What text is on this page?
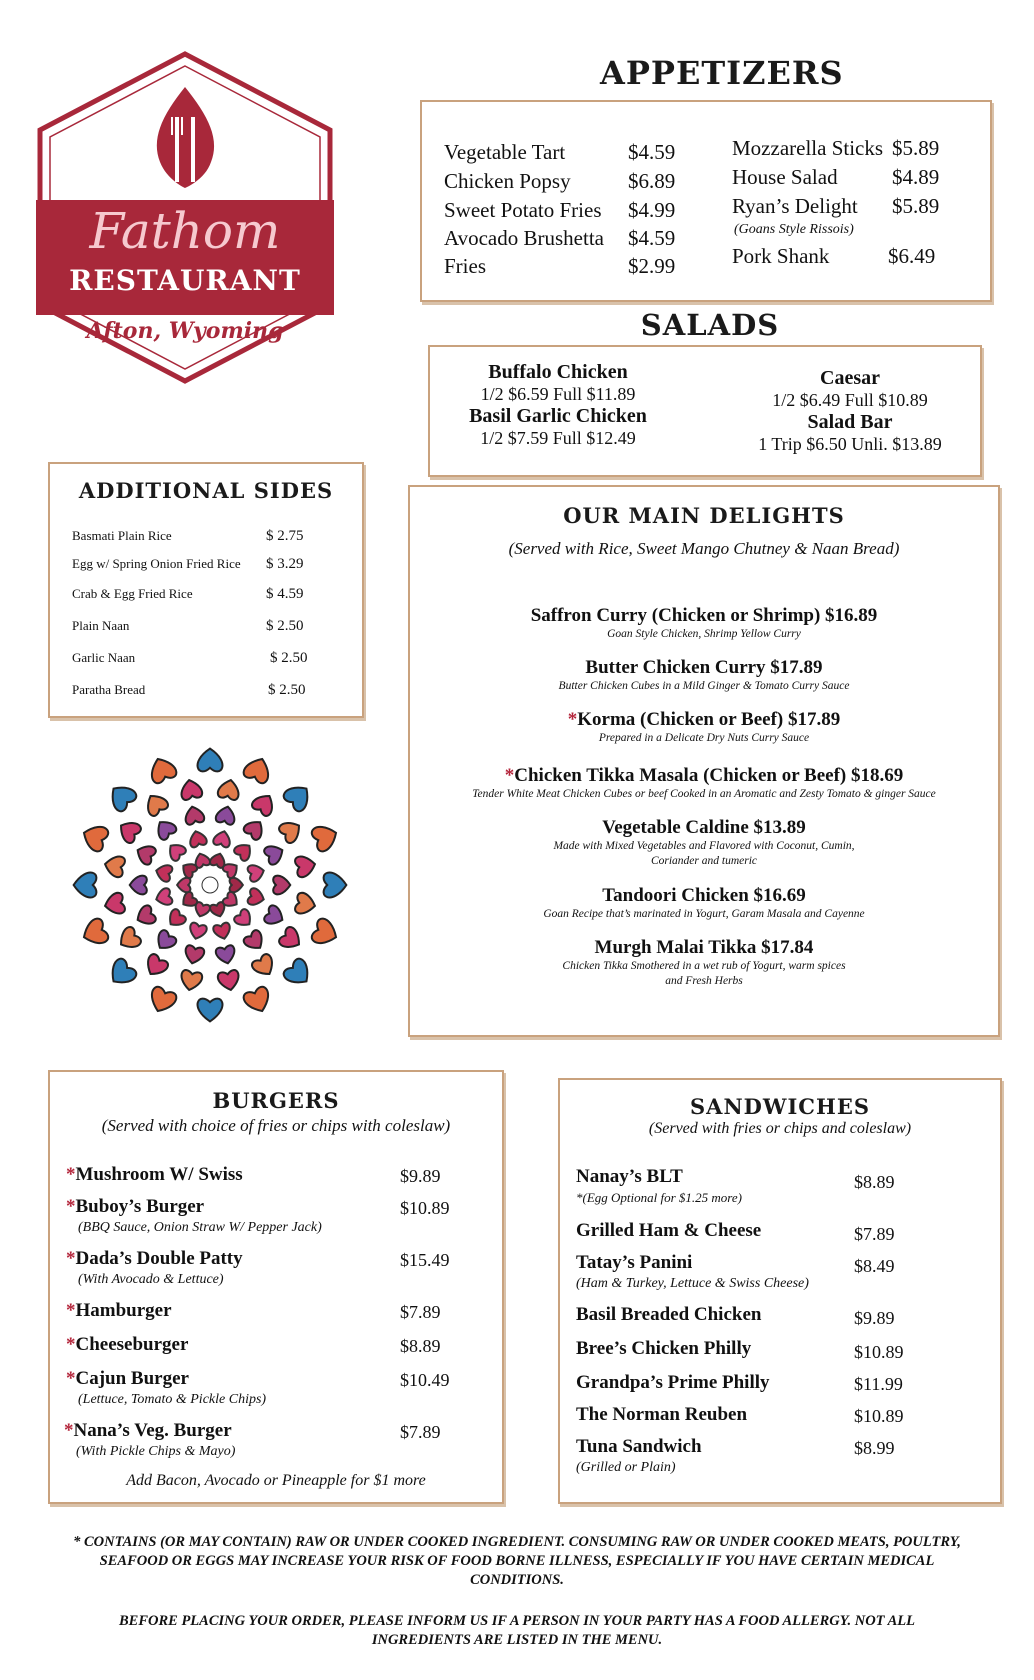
Fathom
RESTAURANT
Afton, Wyoming
APPETIZERS
Vegetable Tart	$4.59
Chicken Popsy	$6.89
Sweet Potato Fries $4.99
Avocado Brushetta $4.59
Fries	$2.99
Mozzarella Sticks $5.89
House Salad	$4.89
Ryan’s Delight $5.89
(Goans Style Rissois)
Pork Shank	$6.49
SALADS
Buffalo Chicken
1/2 $6.59 Full $11.89
Basil Garlic Chicken
1/2 $7.59 Full $12.49
Caesar
1/2 $6.49 Full $10.89
Salad Bar
1 Trip $6.50 Unli. $13.89
ADDITIONAL SIDES
Basmati Plain Rice	$ 2.75
Egg w/ Spring Onion Fried Rice $ 3.29
Crab & Egg Fried Rice	$ 4.59
Plain Naan	$ 2.50
Garlic Naan	$ 2.50
Paratha Bread	$ 2.50
OUR MAIN DELIGHTS
(Served with Rice, Sweet Mango Chutney & Naan Bread)
Saffron Curry (Chicken or Shrimp) $16.89
Goan Style Chicken, Shrimp Yellow Curry
Butter Chicken Curry $17.89
Butter Chicken Cubes in a Mild Ginger & Tomato Curry Sauce
*Korma (Chicken or Beef) $17.89
Prepared in a Delicate Dry Nuts Curry Sauce
*Chicken Tikka Masala (Chicken or Beef) $18.69
Tender White Meat Chicken Cubes or beef Cooked in an Aromatic and Zesty Tomato & ginger Sauce
Vegetable Caldine $13.89
Made with Mixed Vegetables and Flavored with Coconut, Cumin,
Coriander and tumeric
Tandoori Chicken $16.69
Goan Recipe that’s marinated in Yogurt, Garam Masala and Cayenne
Murgh Malai Tikka $17.84
Chicken Tikka Smothered in a wet rub of Yogurt, warm spices
and Fresh Herbs
BURGERS
(Served with choice of fries or chips with coleslaw)
*Mushroom W/ Swiss	$9.89
*Buboy’s Burger
(BBQ Sauce, Onion Straw W/ Pepper Jack)
$10.89
*Dada’s Double Patty
(With Avocado & Lettuce)
$15.49
*Hamburger	$7.89
*Cheeseburger	$8.89
*Cajun Burger
(Lettuce, Tomato & Pickle Chips)
$10.49
*Nana’s Veg. Burger
(With Pickle Chips & Mayo)
$7.89
Add Bacon, Avocado or Pineapple for $1 more
SANDWICHES
(Served with fries or chips and coleslaw)
Nanay’s BLT
*(Egg Optional for $1.25 more)
$8.89
Grilled Ham & Cheese	$7.89
Tatay’s Panini
(Ham & Turkey, Lettuce & Swiss Cheese)
$8.49
Basil Breaded Chicken	$9.89
Bree’s Chicken Philly	$10.89
Grandpa’s Prime Philly	$11.99
The Norman Reuben	$10.89
Tuna Sandwich
(Grilled or Plain)
$8.99
* CONTAINS (OR MAY CONTAIN) RAW OR UNDER COOKED INGREDIENT. CONSUMING RAW OR UNDER COOKED MEATS, POULTRY, SEAFOOD OR EGGS MAY INCREASE YOUR RISK OF FOOD BORNE ILLNESS, ESPECIALLY IF YOU HAVE CERTAIN MEDICAL CONDITIONS.
BEFORE PLACING YOUR ORDER, PLEASE INFORM US IF A PERSON IN YOUR PARTY HAS A FOOD ALLERGY. NOT ALL INGREDIENTS ARE LISTED IN THE MENU.
